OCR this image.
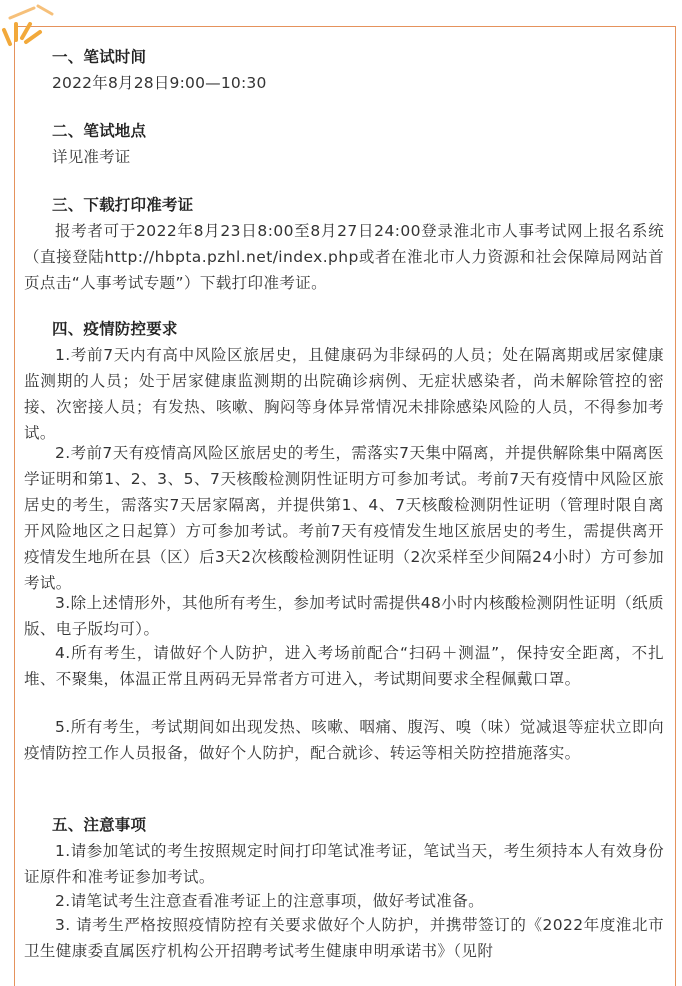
一、笔试时间
2022年8月28日9:00—10:30
二、笔试地点
详见准考证
三、下载打印准考证
报考者可于2022年8月23日8:00至8月27日24:00登录淮北市人事考试网上报名系统（直接登陆http://hbpta.pzhl.net/index.php或者在淮北市人力资源和社会保障局网站首页点击“人事考试专题”）下载打印准考证。
四、疫情防控要求
1.考前7天内有高中风险区旅居史，且健康码为非绿码的人员；处在隔离期或居家健康监测期的人员；处于居家健康监测期的出院确诊病例、无症状感染者，尚未解除管控的密接、次密接人员；有发热、咳嗽、胸闷等身体异常情况未排除感染风险的人员，不得参加考试。
2.考前7天有疫情高风险区旅居史的考生，需落实7天集中隔离，并提供解除集中隔离医学证明和第1、2、3、5、7天核酸检测阴性证明方可参加考试。考前7天有疫情中风险区旅居史的考生，需落实7天居家隔离，并提供第1、4、7天核酸检测阴性证明（管理时限自离开风险地区之日起算）方可参加考试。考前7天有疫情发生地区旅居史的考生，需提供离开疫情发生地所在县（区）后3天2次核酸检测阴性证明（2次采样至少间隔24小时）方可参加考试。
3.除上述情形外，其他所有考生，参加考试时需提供48小时内核酸检测阴性证明（纸质版、电子版均可）。
4.所有考生，请做好个人防护，进入考场前配合“扫码＋测温”，保持安全距离，不扎堆、不聚集，体温正常且两码无异常者方可进入，考试期间要求全程佩戴口罩。
5.所有考生，考试期间如出现发热、咳嗽、咽痛、腹泻、嗅（味）觉减退等症状立即向疫情防控工作人员报备，做好个人防护，配合就诊、转运等相关防控措施落实。
五、注意事项
1.请参加笔试的考生按照规定时间打印笔试准考证，笔试当天，考生须持本人有效身份证原件和准考证参加考试。
2.请笔试考生注意查看准考证上的注意事项，做好考试准备。
3. 请考生严格按照疫情防控有关要求做好个人防护，并携带签订的《2022年度淮北市卫生健康委直属医疗机构公开招聘考试考生健康申明承诺书》（见附
